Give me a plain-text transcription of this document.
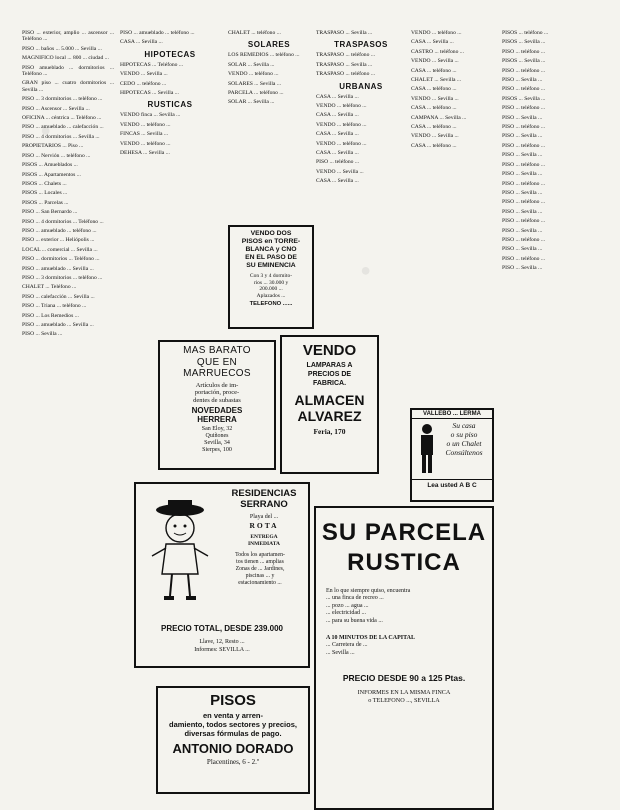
PISO ... exterior, amplio ... ascensor ... Teléfono ...

PISO ... baños ... 5.000 ... Sevilla ...

MAGNIFICO local ... 800 ... ciudad ...

PISO amueblado ... dormitorios ... Teléfono ...

GRAN piso ... cuatro dormitorios ... Sevilla ...

PISO ... 3 dormitorios ... teléfono ...

PISO ... Ascensor ... Sevilla ...

OFICINA ... céntrica ... Teléfono ...

PISO ... amueblado ... calefacción ...

PISO ... 4 dormitorios ... Sevilla ...

PROPIETARIOS ... Piso ...

PISO ... Nervión ... teléfono ...

PISOS ... Amueblados ...

PISOS ... Apartamentos ...

PISOS ... Chalets ...

PISOS ... Locales ...

PISOS ... Parcelas ...

PISO ... San Bernardo ...

PISO ... 4 dormitorios ... Teléfono ...

PISO ... amueblado ... teléfono ...

PISO ... exterior ... Heliópolis ...

LOCAL ... comercial ... Sevilla ...

PISO ... dormitorios ... Teléfono ...

PISO ... amueblado ... Sevilla ...

PISO ... 3 dormitorios ... teléfono ...

CHALET ... Teléfono ...

PISO ... calefacción ... Sevilla ...

PISO ... Triana ... teléfono ...

PISO ... Los Remedios ...

PISO ... amueblado ... Sevilla ...

PISO ... Sevilla ...

PISO ... amueblado ... teléfono ...

CASA ... Sevilla ...

HIPOTECAS

HIPOTECAS ... Teléfono ...

VENDO ... Sevilla ...

CEDO ... teléfono ...

HIPOTECAS ... Sevilla ...

RUSTICAS

VENDO finca ... Sevilla ...

VENDO ... teléfono ...

FINCAS ... Sevilla ...

VENDO ... teléfono ...

DEHESA ... Sevilla ...

CHALET ... teléfono ...

SOLARES

LOS REMEDIOS ... teléfono ...

SOLAR ... Sevilla ...

VENDO ... teléfono ...

SOLARES ... Sevilla ...

PARCELA ... teléfono ...

SOLAR ... Sevilla ...

TRASPASO ... Sevilla ...

TRASPASOS

TRASPASO ... teléfono ...

TRASPASO ... Sevilla ...

TRASPASO ... teléfono ...

URBANAS

CASA ... Sevilla ...

VENDO ... teléfono ...

CASA ... Sevilla ...

VENDO ... teléfono ...

CASA ... Sevilla ...

VENDO ... teléfono ...

CASA ... Sevilla ...

PISO ... teléfono ...

VENDO ... Sevilla ...

CASA ... Sevilla ...

VENDO ... teléfono ...

CASA ... Sevilla ...

CASTRO ... teléfono ...

VENDO ... Sevilla ...

CASA ... teléfono ...

CHALET ... Sevilla ...

CASA ... teléfono ...

VENDO ... Sevilla ...

CASA ... teléfono ...

CAMPANA ... Sevilla ...

CASA ... teléfono ...

VENDO ... Sevilla ...

CASA ... teléfono ...

PISOS ... teléfono ...

PISOS ... Sevilla ...

PISO ... teléfono ...

PISOS ... Sevilla ...

PISO ... teléfono ...

PISO ... Sevilla ...

PISO ... teléfono ...

PISOS ... Sevilla ...

PISO ... teléfono ...

PISO ... Sevilla ...

PISO ... teléfono ...

PISO ... Sevilla ...

PISO ... teléfono ...

PISO ... Sevilla ...

PISO ... teléfono ...

PISO ... Sevilla ...

PISO ... teléfono ...

PISO ... Sevilla ...

PISO ... teléfono ...

PISO ... Sevilla ...

PISO ... teléfono ...

PISO ... Sevilla ...

PISO ... teléfono ...

PISO ... Sevilla ...

PISO ... teléfono ...

PISO ... Sevilla ...

VENDO DOS
PISOS en TORRE-
BLANCA y CNO
EN EL PASO DE
SU EMINENCIA
Con 3 y 4 dormito-
rios ... 30.000 y
200.000 ...
Aplazados ...
TELEFONO ......
MAS BARATO
QUE EN
MARRUECOS
Artículos de im-
portación, proce-
dentes de subastas
NOVEDADES
HERRERA
San Eloy, 32
Quiñones
Sevilla, 34
Sierpes, 100
VENDO
LAMPARAS A
PRECIOS DE
FABRICA.
ALMACEN
ALVAREZ
Feria, 170
VALLEBO ... LERMA
Su casa
o su piso
o un Chalet
Consúltenos
Lea usted A B C
RESIDENCIAS
SERRANO
Playa del ...
ROTA
ENTREGA
INMEDIATA
Todos los apartamen-
tos tienen ... amplias
Zonas de ... Jardines,
piscinas ... y
estacionamiento ...
PRECIO TOTAL, DESDE 239.000
Llave, 12, Resto ...
Informes: SEVILLA ...
SU PARCELA
RUSTICA
En lo que siempre quiso, encuentra
... una finca de recreo ...
... pozo ... agua ...
... electricidad ...
... para su buena vida ...
A 10 MINUTOS DE LA CAPITAL
... Carretera de ...
... Sevilla ...
PRECIO DESDE 90 a 125 Ptas.
INFORMES EN LA MISMA FINCA
o TELEFONO ..., SEVILLA
PISOS
en venta y arren-
damiento, todos sectores y precios,
diversas fórmulas de pago.
ANTONIO DORADO
Placentines, 6 - 2.º
●
●
